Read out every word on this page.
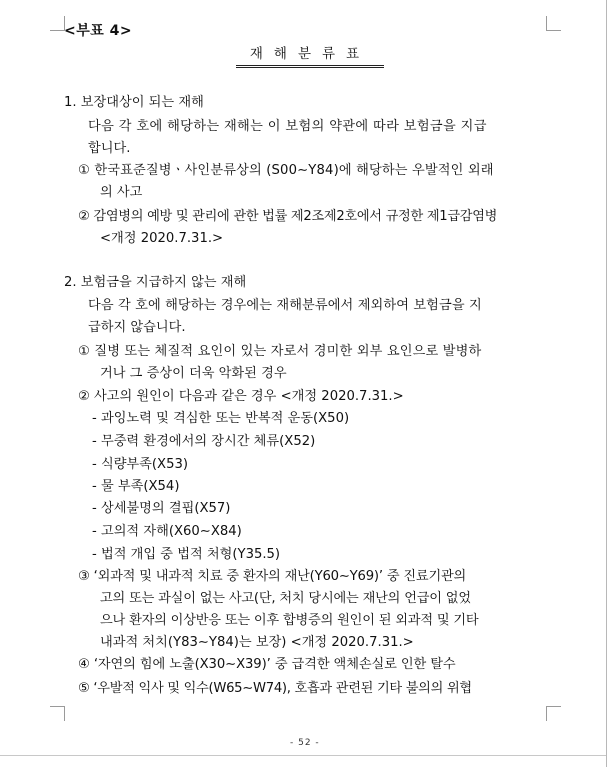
<부표 4>
재해분류표
1. 보장대상이 되는 재해
다음 각 호에 해당하는 재해는 이 보험의 약관에 따라 보험금을 지급
합니다.
① 한국표준질병ㆍ사인분류상의 (S00∼Y84)에 해당하는 우발적인 외래
의 사고
② 감염병의 예방 및 관리에 관한 법률 제2조제2호에서 규정한 제1급감염병
<개정 2020.7.31.>
2. 보험금을 지급하지 않는 재해
다음 각 호에 해당하는 경우에는 재해분류에서 제외하여 보험금을 지
급하지 않습니다.
① 질병 또는 체질적 요인이 있는 자로서 경미한 외부 요인으로 발병하
거나 그 증상이 더욱 악화된 경우
② 사고의 원인이 다음과 같은 경우 <개정 2020.7.31.>
- 과잉노력 및 격심한 또는 반복적 운동(X50)
- 무중력 환경에서의 장시간 체류(X52)
- 식량부족(X53)
- 물 부족(X54)
- 상세불명의 결핍(X57)
- 고의적 자해(X60∼X84)
- 법적 개입 중 법적 처형(Y35.5)
③ ‘외과적 및 내과적 치료 중 환자의 재난(Y60∼Y69)’ 중 진료기관의
고의 또는 과실이 없는 사고(단, 처치 당시에는 재난의 언급이 없었
으나 환자의 이상반응 또는 이후 합병증의 원인이 된 외과적 및 기타
내과적 처치(Y83∼Y84)는 보장) <개정 2020.7.31.>
④ ‘자연의 힘에 노출(X30∼X39)’ 중 급격한 액체손실로 인한 탈수
⑤ ‘우발적 익사 및 익수(W65∼W74), 호흡과 관련된 기타 불의의 위협
- 52 -
